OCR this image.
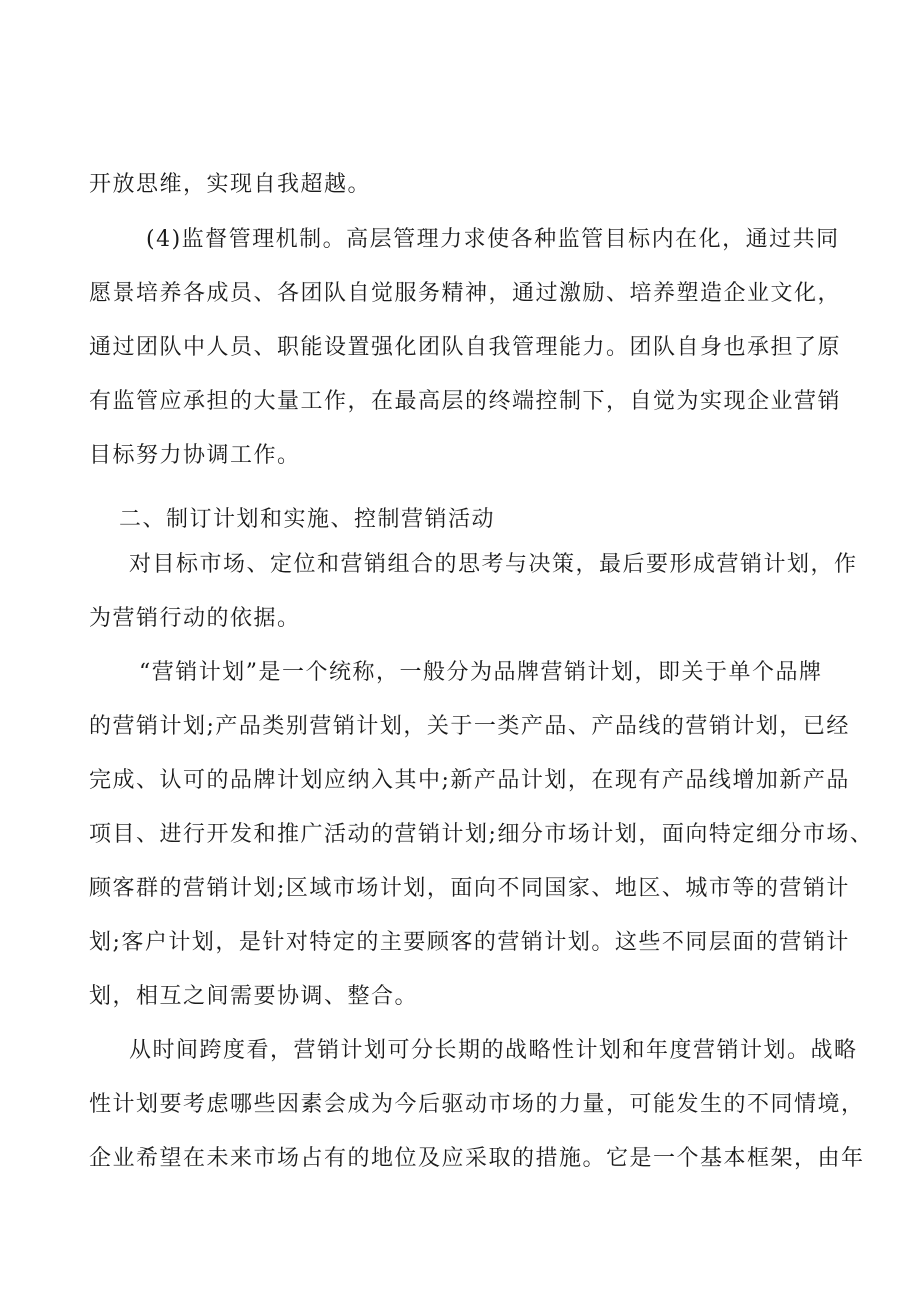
开放思维，实现自我超越。
(4)监督管理机制。高层管理力求使各种监管目标内在化，通过共同
愿景培养各成员、各团队自觉服务精神，通过激励、培养塑造企业文化，
通过团队中人员、职能设置强化团队自我管理能力。团队自身也承担了原
有监管应承担的大量工作，在最高层的终端控制下，自觉为实现企业营销
目标努力协调工作。
二、制订计划和实施、控制营销活动
对目标市场、定位和营销组合的思考与决策，最后要形成营销计划，作
为营销行动的依据。
“营销计划”是一个统称，一般分为品牌营销计划，即关于单个品牌
的营销计划;产品类别营销计划，关于一类产品、产品线的营销计划，已经
完成、认可的品牌计划应纳入其中;新产品计划，在现有产品线增加新产品
项目、进行开发和推广活动的营销计划;细分市场计划，面向特定细分市场、
顾客群的营销计划;区域市场计划，面向不同国家、地区、城市等的营销计
划;客户计划，是针对特定的主要顾客的营销计划。这些不同层面的营销计
划，相互之间需要协调、整合。
从时间跨度看，营销计划可分长期的战略性计划和年度营销计划。战略
性计划要考虑哪些因素会成为今后驱动市场的力量，可能发生的不同情境，
企业希望在未来市场占有的地位及应采取的措施。它是一个基本框架，由年
